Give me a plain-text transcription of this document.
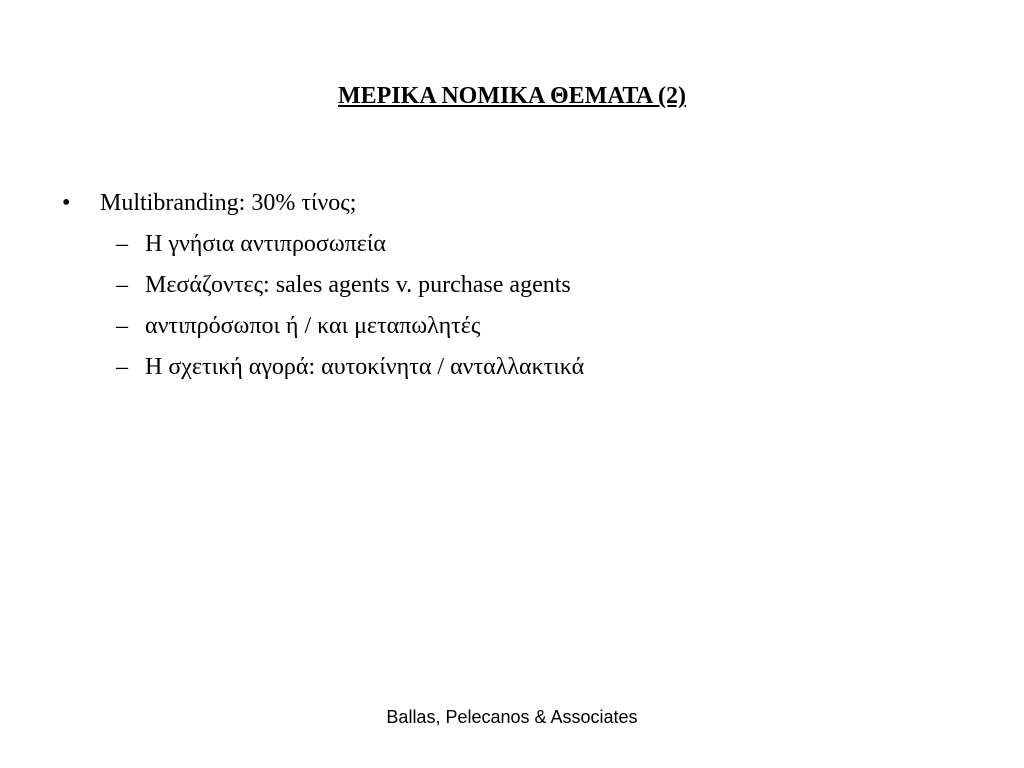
ΜΕΡΙΚΑ ΝΟΜΙΚΑ ΘΕΜΑΤΑ (2)
•	Multibranding: 30% τίνος;
– Η γνήσια αντιπροσωπεία
– Μεσάζοντες: sales agents v. purchase agents
– αντιπρόσωποι ή / και μεταπωλητές
– Η σχετική αγορά: αυτοκίνητα / ανταλλακτικά
Ballas, Pelecanos & Associates
